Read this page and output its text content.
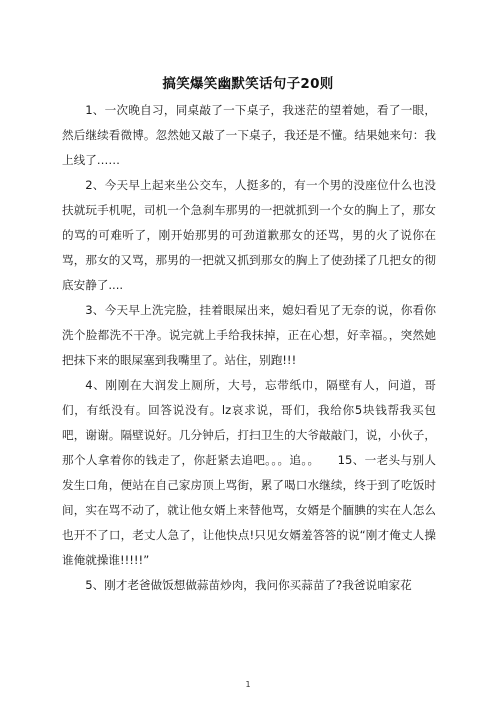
搞笑爆笑幽默笑话句子20则

1、一次晚自习，同桌敲了一下桌子，我迷茫的望着她，看了一眼，然后继续看微博。忽然她又敲了一下桌子，我还是不懂。结果她来句：我上线了……

2、今天早上起来坐公交车，人挺多的，有一个男的没座位什么也没扶就玩手机呢，司机一个急刹车那男的一把就抓到一个女的胸上了，那女的骂的可难听了，刚开始那男的可劲道歉那女的还骂，男的火了说你在骂，那女的又骂，那男的一把就又抓到那女的胸上了使劲揉了几把女的彻底安静了....

3、今天早上洗完脸，挂着眼屎出来，媳妇看见了无奈的说，你看你洗个脸都洗不干净。说完就上手给我抹掉，正在心想，好幸福。，突然她把抹下来的眼屎塞到我嘴里了。站住，别跑!!!

4、刚刚在大润发上厕所，大号，忘带纸巾，隔壁有人，问道，哥们，有纸没有。回答说没有。lz哀求说，哥们，我给你5块钱帮我买包吧，谢谢。隔壁说好。几分钟后，打扫卫生的大爷敲敲门，说，小伙子，那个人拿着你的钱走了，你赶紧去追吧。。。追。。　　15、一老头与别人发生口角，便站在自己家房顶上骂街，累了喝口水继续，终于到了吃饭时间，实在骂不动了，就让他女婿上来替他骂，女婿是个腼腆的实在人怎么也开不了口，老丈人急了，让他快点!只见女婿羞答答的说“刚才俺丈人操谁俺就操谁!!!!!”

5、刚才老爸做饭想做蒜苗炒肉，我问你买蒜苗了?我爸说咱家花

1
